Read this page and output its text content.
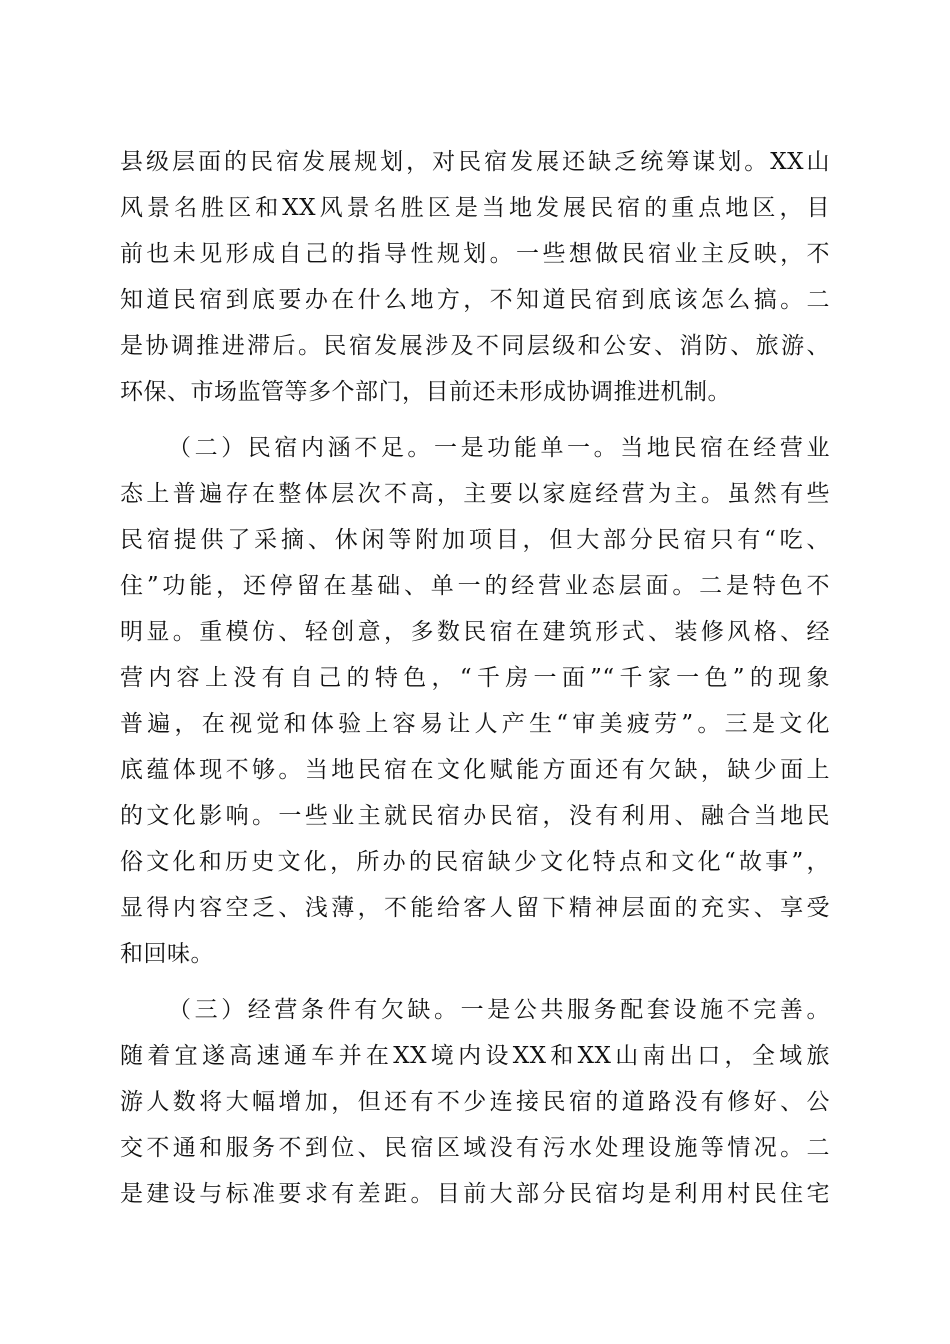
县级层面的民宿发展规划，对民宿发展还缺乏统筹谋划。XX山
风景名胜区和XX风景名胜区是当地发展民宿的重点地区，目
前也未见形成自己的指导性规划。一些想做民宿业主反映，不
知道民宿到底要办在什么地方，不知道民宿到底该怎么搞。二
是协调推进滞后。民宿发展涉及不同层级和公安、消防、旅游、
环保、市场监管等多个部门，目前还未形成协调推进机制。
（二）民宿内涵不足。一是功能单一。当地民宿在经营业
态上普遍存在整体层次不高，主要以家庭经营为主。虽然有些
民宿提供了采摘、休闲等附加项目，但大部分民宿只有“吃、
住”功能，还停留在基础、单一的经营业态层面。二是特色不
明显。重模仿、轻创意，多数民宿在建筑形式、装修风格、经
营内容上没有自己的特色，“千房一面”“千家一色”的现象
普遍，在视觉和体验上容易让人产生“审美疲劳”。三是文化
底蕴体现不够。当地民宿在文化赋能方面还有欠缺，缺少面上
的文化影响。一些业主就民宿办民宿，没有利用、融合当地民
俗文化和历史文化，所办的民宿缺少文化特点和文化“故事”，
显得内容空乏、浅薄，不能给客人留下精神层面的充实、享受
和回味。
（三）经营条件有欠缺。一是公共服务配套设施不完善。
随着宜遂高速通车并在XX境内设XX和XX山南出口，全域旅
游人数将大幅增加，但还有不少连接民宿的道路没有修好、公
交不通和服务不到位、民宿区域没有污水处理设施等情况。二
是建设与标准要求有差距。目前大部分民宿均是利用村民住宅
